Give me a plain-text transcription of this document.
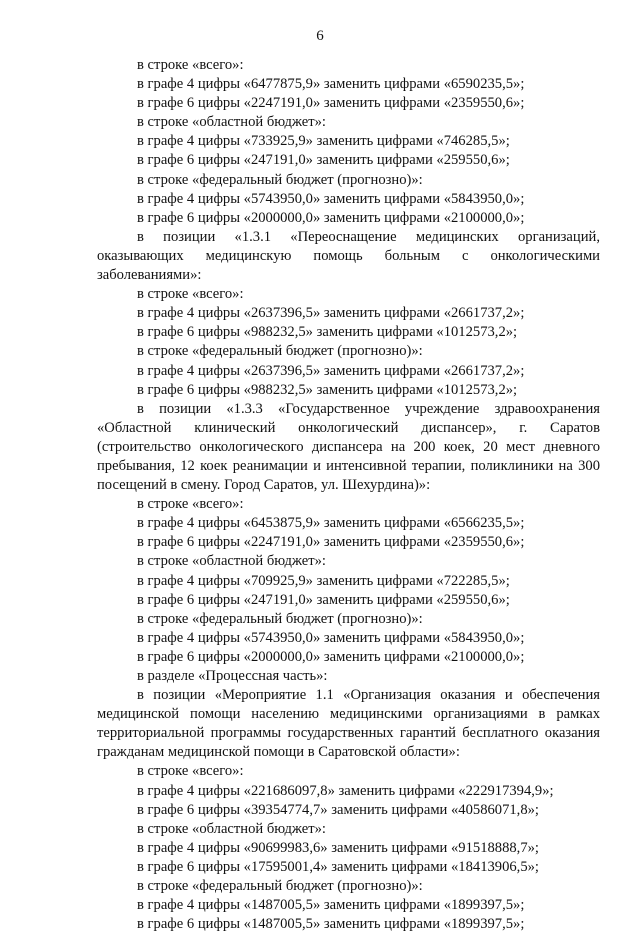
6

в строке «всего»:

в графе 4 цифры «6477875,9» заменить цифрами «6590235,5»;

в графе 6 цифры «2247191,0» заменить цифрами «2359550,6»;

в строке «областной бюджет»:

в графе 4 цифры «733925,9» заменить цифрами «746285,5»;

в графе 6 цифры «247191,0» заменить цифрами «259550,6»;

в строке «федеральный бюджет (прогнозно)»:

в графе 4 цифры «5743950,0» заменить цифрами «5843950,0»;

в графе 6 цифры «2000000,0» заменить цифрами «2100000,0»;

в позиции «1.3.1 «Переоснащение медицинских организаций, оказывающих медицинскую помощь больным с онкологическими заболеваниями»:

в строке «всего»:

в графе 4 цифры «2637396,5» заменить цифрами «2661737,2»;

в графе 6 цифры «988232,5» заменить цифрами «1012573,2»;

в строке «федеральный бюджет (прогнозно)»:

в графе 4 цифры «2637396,5» заменить цифрами «2661737,2»;

в графе 6 цифры «988232,5» заменить цифрами «1012573,2»;

в позиции «1.3.3 «Государственное учреждение здравоохранения «Областной клинический онкологический диспансер», г. Саратов (строительство онкологического диспансера на 200 коек, 20 мест дневного пребывания, 12 коек реанимации и интенсивной терапии, поликлиники на 300 посещений в смену. Город Саратов, ул. Шехурдина)»:

в строке «всего»:

в графе 4 цифры «6453875,9» заменить цифрами «6566235,5»;

в графе 6 цифры «2247191,0» заменить цифрами «2359550,6»;

в строке «областной бюджет»:

в графе 4 цифры «709925,9» заменить цифрами «722285,5»;

в графе 6 цифры «247191,0» заменить цифрами «259550,6»;

в строке «федеральный бюджет (прогнозно)»:

в графе 4 цифры «5743950,0» заменить цифрами «5843950,0»;

в графе 6 цифры «2000000,0» заменить цифрами «2100000,0»;

в разделе «Процессная часть»:

в позиции «Мероприятие 1.1 «Организация оказания и обеспечения медицинской помощи населению медицинскими организациями в рамках территориальной программы государственных гарантий бесплатного оказания гражданам медицинской помощи в Саратовской области»:

в строке «всего»:

в графе 4 цифры «221686097,8» заменить цифрами «222917394,9»;

в графе 6 цифры «39354774,7» заменить цифрами «40586071,8»;

в строке «областной бюджет»:

в графе 4 цифры «90699983,6» заменить цифрами «91518888,7»;

в графе 6 цифры «17595001,4» заменить цифрами «18413906,5»;

в строке «федеральный бюджет (прогнозно)»:

в графе 4 цифры «1487005,5» заменить цифрами «1899397,5»;

в графе 6 цифры «1487005,5» заменить цифрами «1899397,5»;
